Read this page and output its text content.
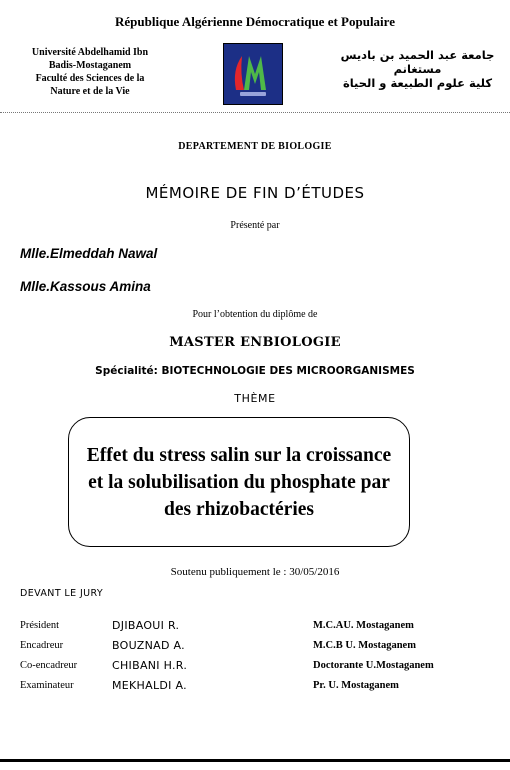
République Algérienne Démocratique et Populaire
Université Abdelhamid Ibn
Badis-Mostaganem
Faculté des Sciences de la
Nature et de la Vie
جامعة عبد الحميد بن باديس
مستغانم
كلية علوم الطبيعة و الحياة
DEPARTEMENT DE BIOLOGIE
MÉMOIRE DE FIN D’ÉTUDES
Présenté par
Mlle.Elmeddah Nawal
Mlle.Kassous Amina
Pour l’obtention du diplôme de
MASTER ENBIOLOGIE
Spécialité: BIOTECHNOLOGIE DES MICROORGANISMES
THÈME
Effet du stress salin sur la croissance
et la solubilisation du phosphate par
des rhizobactéries
Soutenu publiquement le : 30/05/2016
DEVANT LE JURY
Président	DJIBAOUI R.	M.C.AU. Mostaganem
Encadreur	BOUZNAD A.	M.C.B U. Mostaganem
Co-encadreur	CHIBANI H.R.	Doctorante U.Mostaganem
Examinateur	MEKHALDI A.	Pr. U. Mostaganem
